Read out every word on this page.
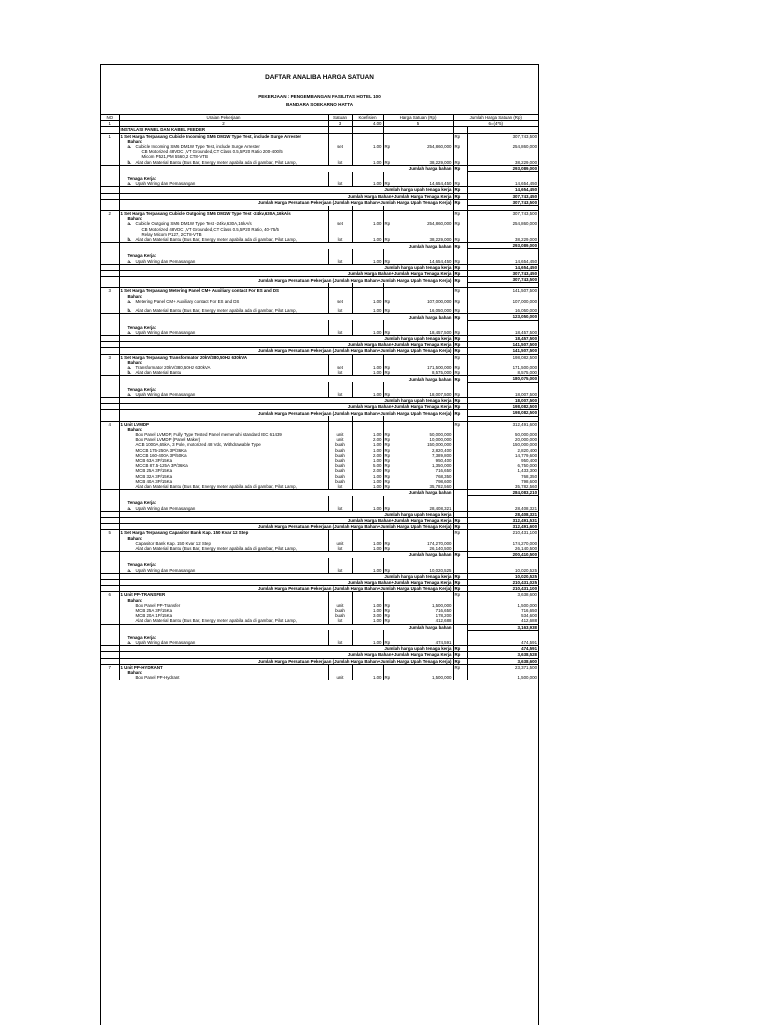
DAFTAR ANALIBA HARGA SATUAN
PEKERJAAN : PENGEMBANGAN FASILITAS HOTEL 100
BANDARA SOEKARNO HATTA
NO	Uraian Pekerjaan	Satuan	Koefisien	Harga Satuan (Rp)	Jumlah Harga Satuan (Rp)	
1	2	3	4.00	5	6=(4*5)	
	INSTALASI PANEL DAN KABEL FEEDER					
1	1 Set Harga Terpasang Cubicle Incoming SM6 DM1W Type Test, include Surge Arrester				Rp	307,743,500
	Bahan:					
	a. Cubicle Incoming SM6 DM1W Type Test, include Surge Arrester	set	1.00	Rp 254,860,000	Rp	254,860,000
	CB Motorized 48VDC ,VT Grounded,CT Class 0.5,5P20 Ratio 200-400/5					
	Micom P521,PM 5560,2 CT8-VTB					
	b. Alat dan Material Bantu (Bus Bar, Energy meter apabila ada di gambar, Pilot Lamp,	lot	1.00	Rp 38,229,000	Rp	38,229,000
	Jumlah harga bahan				Rp	293,089,000

	Tenaga Kerja:					
	a. Upah Wiring dan Pemasangan	lot	1.00	Rp 14,654,450	Rp	14,654,450
	Jumlah harga upah tenaga kerja				Rp	14,654,450
	Jumlah Harga Bahan+Jumlah Harga Tenaga Kerja				Rp	307,743,450
	Jumlah Harga Persatuan Pekerjaan (Jumlah Harga Bahan+Jumlah Harga Upah Tenaga Kerja)				Rp	307,743,500

2	1 Set Harga Terpasang Cubicle Outgoing SM6 DM1W Type Test -24kv,630A,16kA/s				Rp	307,743,500
	Bahan:					
	a. Cubicle Outgoing SM6 DM1W Type Test -24kv,630A,16kA/s	set	1.00	Rp 254,860,000	Rp	254,860,000
	CB Motorized 48VDC ,VT Grounded,CT Class 0.5,5P20 Ratio, 40-75/5					
	Relay Micom P127, 2CT8-VTB					
	b. Alat dan Material Bantu (Bus Bar, Energy meter apabila ada di gambar, Pilot Lamp,	lot	1.00	Rp 38,229,000	Rp	38,229,000
	Jumlah harga bahan				Rp	293,089,000

	Tenaga Kerja:					
	a. Upah Wiring dan Pemasangan	lot	1.00	Rp 14,654,450	Rp	14,654,450
	Jumlah harga upah tenaga kerja				Rp	14,654,450
	Jumlah Harga Bahan+Jumlah Harga Tenaga Kerja				Rp	307,743,450
	Jumlah Harga Persatuan Pekerjaan (Jumlah Harga Bahan+Jumlah Harga Upah Tenaga Kerja)				Rp	307,743,500

3	1 Set Harga Terpasang Metering Panel CM+ Auxiliary contact For ES and DS				Rp	141,507,500
	Bahan:					
	a. Metering Panel CM+ Auxiliary contact For ES and DS	set	1.00	Rp 107,000,000	Rp	107,000,000

	b. Alat dan Material Bantu (Bus Bar, Energy meter apabila ada di gambar, Pilot Lamp,	lot	1.00	Rp 16,050,000	Rp	16,050,000
	Jumlah harga bahan				Rp	123,050,000

	Tenaga Kerja:					
	a. Upah Wiring dan Pemasangan	lot	1.00	Rp 18,457,500	Rp	18,457,500
	Jumlah harga upah tenaga kerja				Rp	18,457,500
	Jumlah Harga Bahan+Jumlah Harga Tenaga Kerja				Rp	141,507,500
	Jumlah Harga Persatuan Pekerjaan (Jumlah Harga Bahan+Jumlah Harga Upah Tenaga Kerja)				Rp	141,507,500
3	1 Set Harga Terpasang Transformator 20kV/380,50Hz 630kVA				Rp	198,082,500
	Bahan:					
	a. Transformator 20kV/380,50Hz 630kVA	set	1.00	Rp 171,500,000	Rp	171,500,000
	b. Alat dan Material Bantu	lot	1.00	Rp 8,575,000	Rp	8,575,000
	Jumlah harga bahan				Rp	180,075,000

	Tenaga Kerja:					
	a. Upah Wiring dan Pemasangan	lot	1.00	Rp 18,007,500	Rp	18,007,500
	Jumlah harga upah tenaga kerja				Rp	18,007,500
	Jumlah Harga Bahan+Jumlah Harga Tenaga Kerja				Rp	198,082,500
	Jumlah Harga Persatuan Pekerjaan (Jumlah Harga Bahan+Jumlah Harga Upah Tenaga Kerja)				Rp	198,082,500

4	1 Unit LVMDP				Rp	312,491,600
	Bahan:					
	Box Panel LVMDP, Fully Type Tested Panel memenuhi standard IEC 61439	unit	1.00	Rp 50,000,000		50,000,000
	Box Panel LVMDP (Panel Maker)	unit	2.00	Rp 10,000,000		20,000,000
	ACB 1000A,65kA, 3 Pole, motorized 48 Vdc, Withdrawable Type	buah	1.00	Rp 150,000,000		150,000,000
	MCCB 175-250A 3P/36Ka	buah	1.00	Rp 2,820,400		2,820,400
	MCCB 160-400A 3P/50Ka	buah	2.00	Rp 7,389,800		14,779,600
	MCB 63A 3P/15Ka	buah	1.00	Rp 950,400		950,400
	MCCB 87.5-125A 3P/36Ka	buah	5.00	Rp 1,350,000		6,750,000
	MCB 25A 3P/15Ka	buah	2.00	Rp 716,650		1,433,300
	MCB 32A 3P/15Ka	buah	1.00	Rp 768,350		768,350
	MCB 40A 3P/15Ka	buah	1.00	Rp 798,600		798,600
	Alat dan Material Bantu (Bus Bar, Energy meter apabila ada di gambar, Pilot Lamp,	lot	1.00	Rp 35,782,560		35,782,560
	Jumlah harga bahan					284,083,210

	Tenaga Kerja:					
	a. Upah Wiring dan Pemasangan	lot	1.00	Rp 28,408,321		28,408,321
	Jumlah harga upah tenaga kerja					28,408,321
	Jumlah Harga Bahan+Jumlah Harga Tenaga Kerja				Rp	312,491,531
	Jumlah Harga Persatuan Pekerjaan (Jumlah Harga Bahan+Jumlah Harga Upah Tenaga Kerja)				Rp	312,491,600
5	1 Set Harga Terpasang Capasitor Bank Kap. 150 Kvar 12 Step				Rp	210,431,100
	Bahan:					
	Capasitor Bank Kap. 150 Kvar 12 Step	unit	1.00	Rp 174,270,000		174,270,000
	Alat dan Material Bantu (Bus Bar, Energy meter apabila ada di gambar, Pilot Lamp,	lot	1.00	Rp 26,140,500		26,140,500
	Jumlah harga bahan				Rp	200,410,500

	Tenaga Kerja:					
	a. Upah Wiring dan Pemasangan	lot	1.00	Rp 10,020,525		10,020,525
	Jumlah harga upah tenaga kerja				Rp	10,020,525
	Jumlah Harga Bahan+Jumlah Harga Tenaga Kerja				Rp	210,431,025
	Jumlah Harga Persatuan Pekerjaan (Jumlah Harga Bahan+Jumlah Harga Upah Tenaga Kerja)				Rp	210,431,100
6	1 Unit PP-TRANSFER				Rp	3,638,600
	Bahan:					
	Box Panel PP-Transfer	unit	1.00	Rp 1,500,000		1,500,000
	MCB 25A 3P/15Ka	buah	1.00	Rp 716,650		716,650
	MCB 20A 1P/15Ka	buah	3.00	Rp 178,200		534,600
	Alat dan Material Bantu (Bus Bar, Energy meter apabila ada di gambar, Pilot Lamp,	lot	1.00	Rp 412,688		412,688
	Jumlah harga bahan					3,163,938

	Tenaga Kerja:					
	a. Upah Wiring dan Pemasangan	lot	1.00	Rp 474,591		474,591
	Jumlah harga upah tenaga kerja				Rp	474,591
	Jumlah Harga Bahan+Jumlah Harga Tenaga Kerja				Rp	3,638,528
	Jumlah Harga Persatuan Pekerjaan (Jumlah Harga Bahan+Jumlah Harga Upah Tenaga Kerja)				Rp	3,638,600
7	1 Unit PP-HYDRANT				Rp	23,371,500
	Bahan:					
	Box Panel PP-Hydrant	unit	1.00	Rp 1,500,000		1,500,000
